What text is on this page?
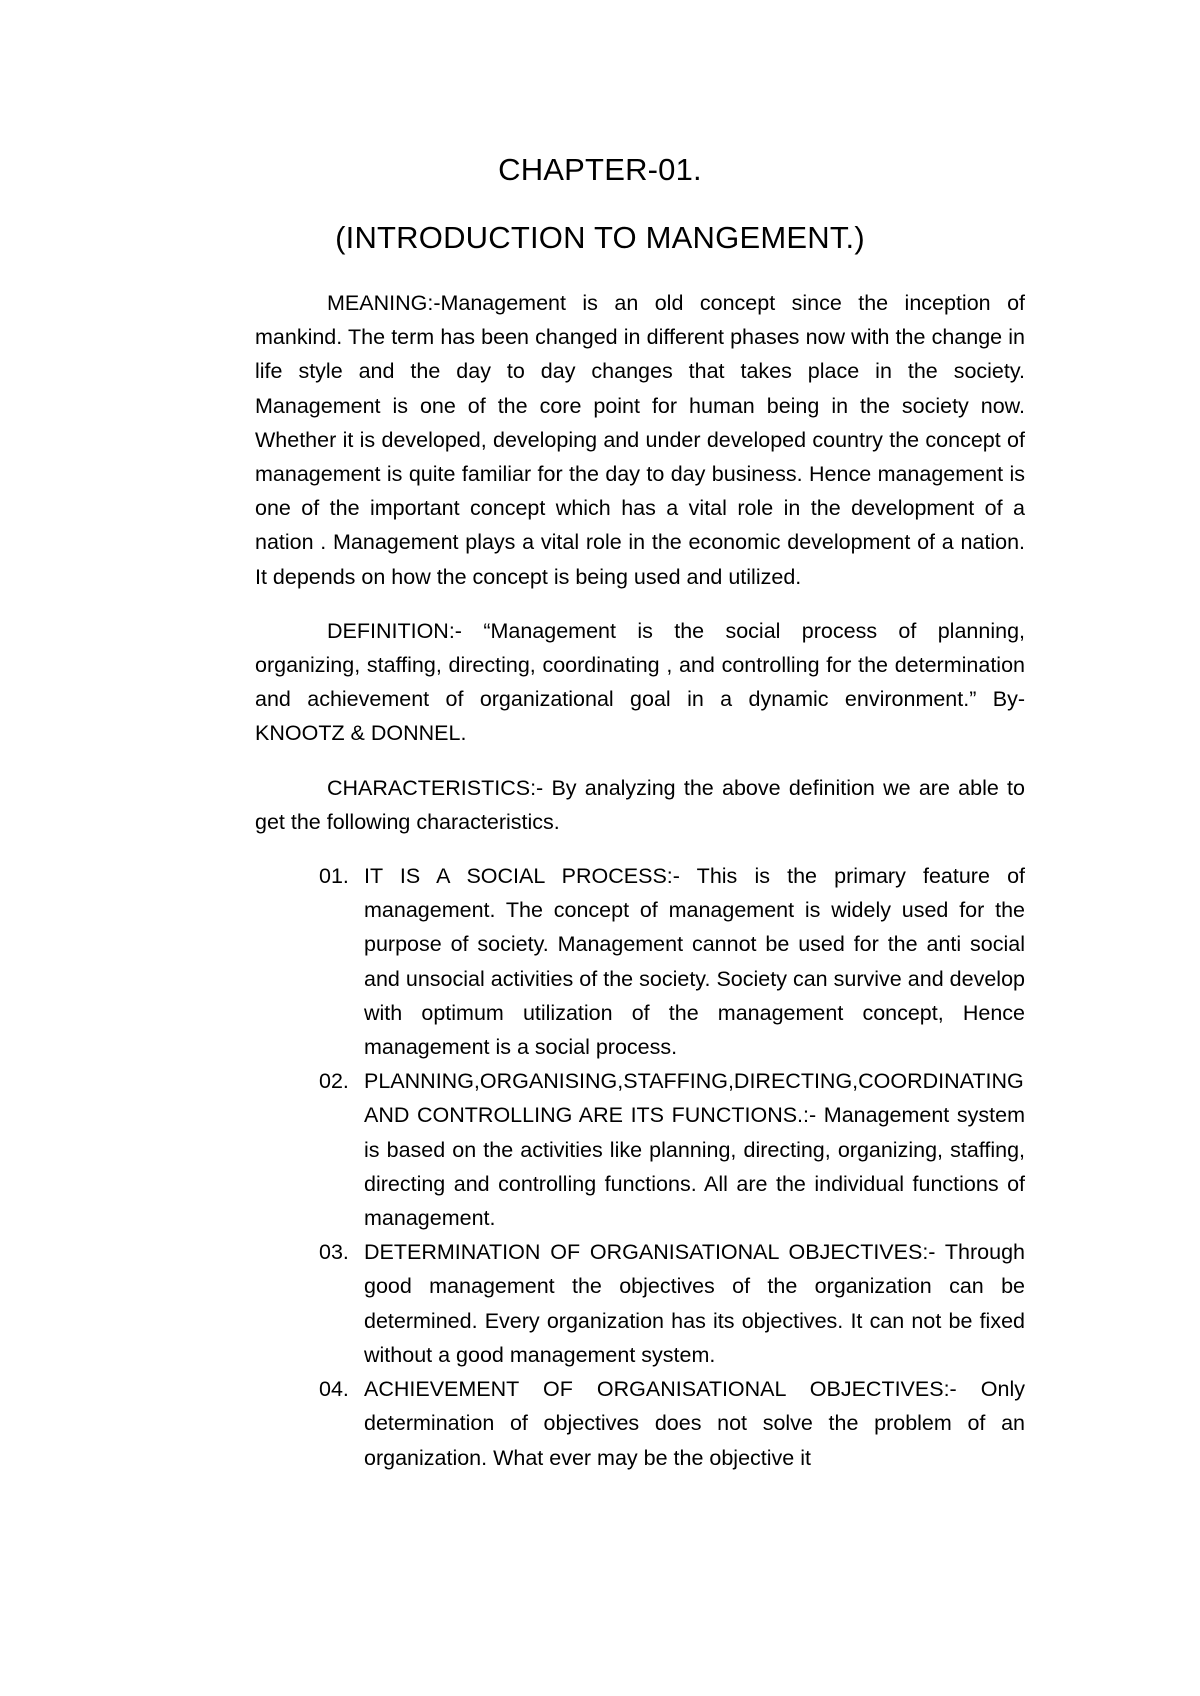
CHAPTER-01.
(INTRODUCTION TO MANGEMENT.)

MEANING:-Management is an old concept since the inception of mankind. The term has been changed in different phases now with the change in life style and the day to day changes that takes place in the society. Management is one of the core point for human being in the society now. Whether it is developed, developing and under developed country the concept of management is quite familiar for the day to day business. Hence management is one of the important concept which has a vital role in the development of a nation . Management plays a vital role in the economic development of a nation. It depends on how the concept is being used and utilized.

DEFINITION:- “Management is the social process of planning, organizing, staffing, directing, coordinating , and controlling for the determination and achievement of organizational goal in a dynamic environment.” By- KNOOTZ & DONNEL.

CHARACTERISTICS:- By analyzing the above definition we are able to get the following characteristics.

01. IT IS A SOCIAL PROCESS:- This is the primary feature of management. The concept of management is widely used for the purpose of society. Management cannot be used for the anti social and unsocial activities of the society. Society can survive and develop with optimum utilization of the management concept, Hence management is a social process.
02. PLANNING,ORGANISING,STAFFING,DIRECTING,COORDINATING AND CONTROLLING ARE ITS FUNCTIONS.:- Management system is based on the activities like planning, directing, organizing, staffing, directing and controlling functions. All are the individual functions of management.
03. DETERMINATION OF ORGANISATIONAL OBJECTIVES:- Through good management the objectives of the organization can be determined. Every organization has its objectives. It can not be fixed without a good management system.
04. ACHIEVEMENT OF ORGANISATIONAL OBJECTIVES:- Only determination of objectives does not solve the problem of an organization. What ever may be the objective it
